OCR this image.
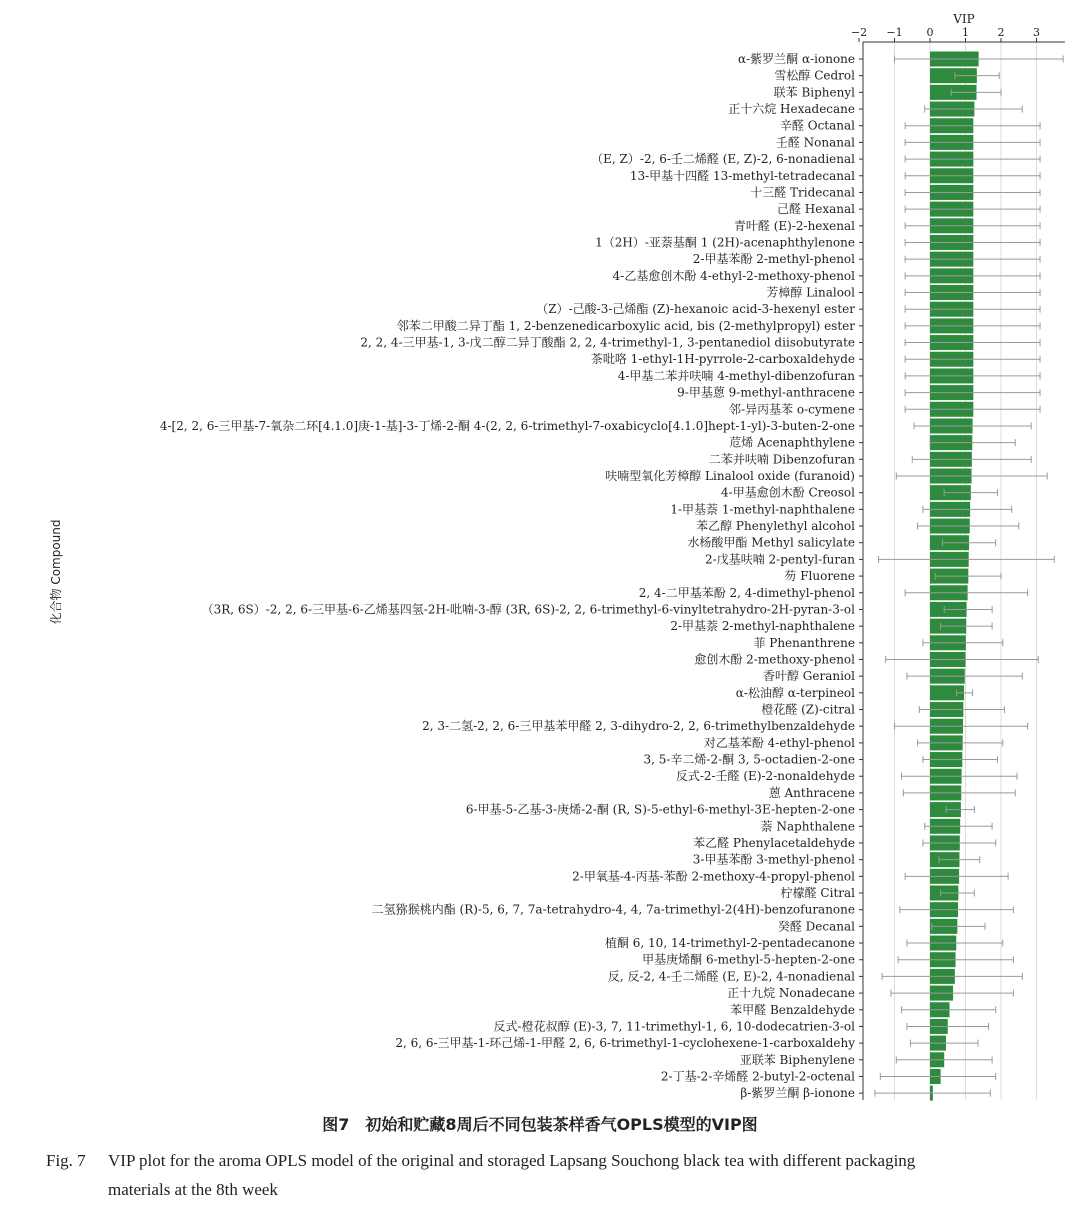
VIP
−2 −1 0	1	2	3
α-紫罗兰酮 α-ionone
雪松醇 Cedrol
联苯 Biphenyl
正十六烷 Hexadecane
辛醛 Octanal
壬醛 Nonanal
（E, Z）-2, 6-壬二烯醛 (E, Z)-2, 6-nonadienal
13-甲基十四醛 13-methyl-tetradecanal
十三醛 Tridecanal
己醛 Hexanal
青叶醛 (E)-2-hexenal
1（2H）-亚萘基酮 1 (2H)-acenaphthylenone
2-甲基苯酚 2-methyl-phenol
4-乙基愈创木酚 4-ethyl-2-methoxy-phenol
芳樟醇 Linalool
（Z）-己酸-3-己烯酯 (Z)-hexanoic acid-3-hexenyl ester
邻苯二甲酸二异丁酯 1, 2-benzenedicarboxylic acid, bis (2-methylpropyl) ester
2, 2, 4-三甲基-1, 3-戊二醇二异丁酸酯 2, 2, 4-trimethyl-1, 3-pentanediol diisobutyrate
茶吡咯 1-ethyl-1H-pyrrole-2-carboxaldehyde
4-甲基二苯并呋喃 4-methyl-dibenzofuran
9-甲基蒽 9-methyl-anthracene
邻-异丙基苯 o-cymene
4-[2, 2, 6-三甲基-7-氧杂二环[4.1.0]庚-1-基]-3-丁烯-2-酮 4-(2, 2, 6-trimethyl-7-oxabicyclo[4.1.0]hept-1-yl)-3-buten-2-one
苊烯 Acenaphthylene
二苯并呋喃 Dibenzofuran
呋喃型氧化芳樟醇 Linalool oxide (furanoid)
4-甲基愈创木酚 Creosol
1-甲基萘 1-methyl-naphthalene
苯乙醇 Phenylethyl alcohol
水杨酸甲酯 Methyl salicylate
2-戊基呋喃 2-pentyl-furan
芴 Fluorene
2, 4-二甲基苯酚 2, 4-dimethyl-phenol
（3R, 6S）-2, 2, 6-三甲基-6-乙烯基四氢-2H-吡喃-3-醇 (3R, 6S)-2, 2, 6-trimethyl-6-vinyltetrahydro-2H-pyran-3-ol
2-甲基萘 2-methyl-naphthalene
菲 Phenanthrene
愈创木酚 2-methoxy-phenol
香叶醇 Geraniol
α-松油醇 α-terpineol
橙花醛 (Z)-citral
2, 3-二氢-2, 2, 6-三甲基苯甲醛 2, 3-dihydro-2, 2, 6-trimethylbenzaldehyde
对乙基苯酚 4-ethyl-phenol
3, 5-辛二烯-2-酮 3, 5-octadien-2-one
反式-2-壬醛 (E)-2-nonaldehyde
蒽 Anthracene
6-甲基-5-乙基-3-庚烯-2-酮 (R, S)-5-ethyl-6-methyl-3E-hepten-2-one
萘 Naphthalene
苯乙醛 Phenylacetaldehyde
3-甲基苯酚 3-methyl-phenol
2-甲氧基-4-丙基-苯酚 2-methoxy-4-propyl-phenol
柠檬醛 Citral
二氢猕猴桃内酯 (R)-5, 6, 7, 7a-tetrahydro-4, 4, 7a-trimethyl-2(4H)-benzofuranone
癸醛 Decanal
植酮 6, 10, 14-trimethyl-2-pentadecanone
甲基庚烯酮 6-methyl-5-hepten-2-one
反, 反-2, 4-壬二烯醛 (E, E)-2, 4-nonadienal
正十九烷 Nonadecane
苯甲醛 Benzaldehyde
反式-橙花叔醇 (E)-3, 7, 11-trimethyl-1, 6, 10-dodecatrien-3-ol
2, 6, 6-三甲基-1-环己烯-1-甲醛 2, 6, 6-trimethyl-1-cyclohexene-1-carboxaldehy
亚联苯 Biphenylene
2-丁基-2-辛烯醛 2-butyl-2-octenal
β-紫罗兰酮 β-ionone
化合物 Compound
图7　初始和贮藏8周后不同包装茶样香气OPLS模型的VIP图
Fig. 7 VIP plot for the aroma OPLS model of the original and storaged Lapsang Souchong black tea with different packaging
materials at the 8th week
